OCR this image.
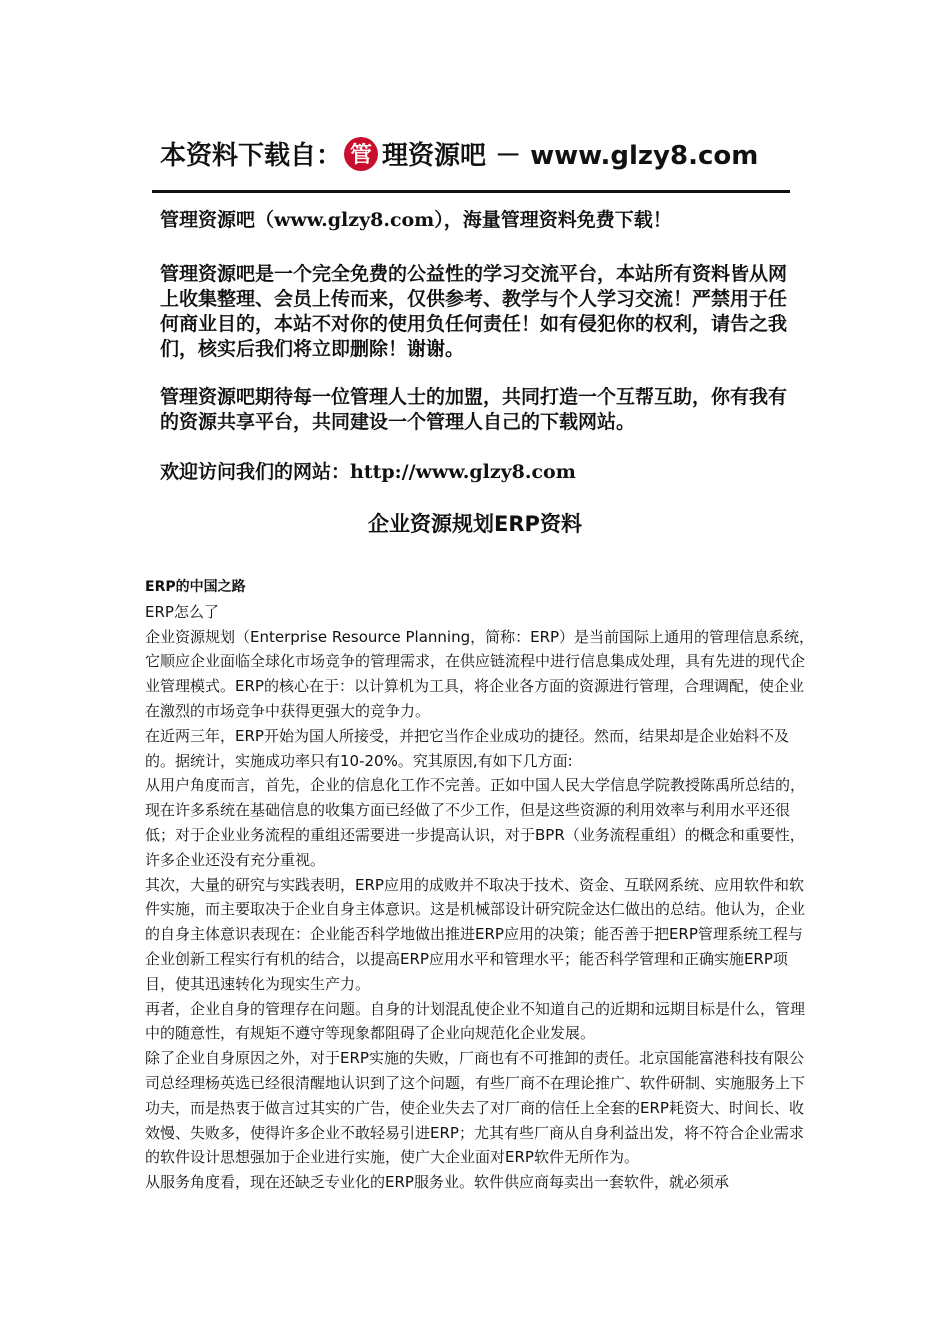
本资料下载自： 管 理资源吧 － www.glzy8.com

管理资源吧（www.glzy8.com），海量管理资料免费下载！

管理资源吧是一个完全免费的公益性的学习交流平台，本站所有资料皆从网上收集整理、会员上传而来，仅供参考、教学与个人学习交流！严禁用于任何商业目的，本站不对你的使用负任何责任！如有侵犯你的权利，请告之我们，核实后我们将立即删除！谢谢。

管理资源吧期待每一位管理人士的加盟，共同打造一个互帮互助，你有我有的资源共享平台，共同建设一个管理人自己的下载网站。

欢迎访问我们的网站：http://www.glzy8.com

企业资源规划ERP资料

ERP的中国之路

ERP怎么了

企业资源规划（Enterprise Resource Planning，简称：ERP）是当前国际上通用的管理信息系统，它顺应企业面临全球化市场竞争的管理需求，在供应链流程中进行信息集成处理，具有先进的现代企业管理模式。ERP的核心在于：以计算机为工具，将企业各方面的资源进行管理，合理调配，使企业在激烈的市场竞争中获得更强大的竞争力。

在近两三年，ERP开始为国人所接受，并把它当作企业成功的捷径。然而，结果却是企业始料不及的。据统计，实施成功率只有10-20%。究其原因,有如下几方面:

从用户角度而言，首先，企业的信息化工作不完善。正如中国人民大学信息学院教授陈禹所总结的，现在许多系统在基础信息的收集方面已经做了不少工作，但是这些资源的利用效率与利用水平还很低；对于企业业务流程的重组还需要进一步提高认识，对于BPR（业务流程重组）的概念和重要性，许多企业还没有充分重视。

其次，大量的研究与实践表明，ERP应用的成败并不取决于技术、资金、互联网系统、应用软件和软件实施，而主要取决于企业自身主体意识。这是机械部设计研究院金达仁做出的总结。他认为，企业的自身主体意识表现在：企业能否科学地做出推进ERP应用的决策；能否善于把ERP管理系统工程与企业创新工程实行有机的结合，以提高ERP应用水平和管理水平；能否科学管理和正确实施ERP项目，使其迅速转化为现实生产力。

再者，企业自身的管理存在问题。自身的计划混乱使企业不知道自己的近期和远期目标是什么，管理中的随意性，有规矩不遵守等现象都阻碍了企业向规范化企业发展。

除了企业自身原因之外，对于ERP实施的失败，厂商也有不可推卸的责任。北京国能富港科技有限公司总经理杨英选已经很清醒地认识到了这个问题，有些厂商不在理论推广、软件研制、实施服务上下功夫，而是热衷于做言过其实的广告，使企业失去了对厂商的信任上全套的ERP耗资大、时间长、收效慢、失败多，使得许多企业不敢轻易引进ERP；尤其有些厂商从自身利益出发，将不符合企业需求的软件设计思想强加于企业进行实施，使广大企业面对ERP软件无所作为。

从服务角度看，现在还缺乏专业化的ERP服务业。软件供应商每卖出一套软件，就必须承
